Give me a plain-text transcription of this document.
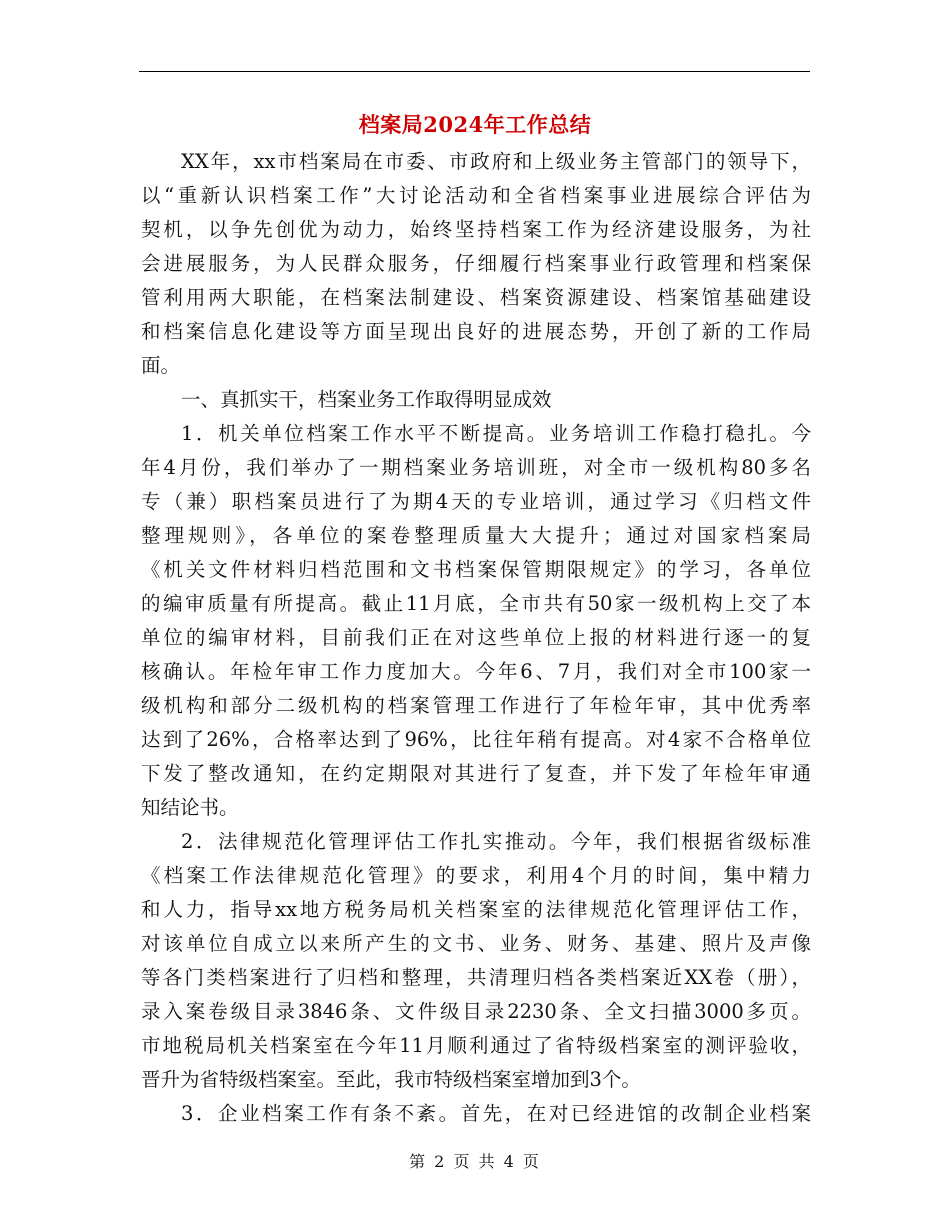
档案局2024年工作总结
XX年，xx市档案局在市委、市政府和上级业务主管部门的领导下，
以“重新认识档案工作”大讨论活动和全省档案事业进展综合评估为
契机，以争先创优为动力，始终坚持档案工作为经济建设服务，为社
会进展服务，为人民群众服务，仔细履行档案事业行政管理和档案保
管利用两大职能，在档案法制建设、档案资源建设、档案馆基础建设
和档案信息化建设等方面呈现出良好的进展态势，开创了新的工作局
面。
一、真抓实干，档案业务工作取得明显成效
1．机关单位档案工作水平不断提高。业务培训工作稳打稳扎。今
年4月份，我们举办了一期档案业务培训班，对全市一级机构80多名
专（兼）职档案员进行了为期4天的专业培训，通过学习《归档文件
整理规则》，各单位的案卷整理质量大大提升；通过对国家档案局
《机关文件材料归档范围和文书档案保管期限规定》的学习，各单位
的编审质量有所提高。截止11月底，全市共有50家一级机构上交了本
单位的编审材料，目前我们正在对这些单位上报的材料进行逐一的复
核确认。年检年审工作力度加大。今年6、7月，我们对全市100家一
级机构和部分二级机构的档案管理工作进行了年检年审，其中优秀率
达到了26%，合格率达到了96%，比往年稍有提高。对4家不合格单位
下发了整改通知，在约定期限对其进行了复查，并下发了年检年审通
知结论书。
2．法律规范化管理评估工作扎实推动。今年，我们根据省级标准
《档案工作法律规范化管理》的要求，利用4个月的时间，集中精力
和人力，指导xx地方税务局机关档案室的法律规范化管理评估工作，
对该单位自成立以来所产生的文书、业务、财务、基建、照片及声像
等各门类档案进行了归档和整理，共清理归档各类档案近XX卷（册），
录入案卷级目录3846条、文件级目录2230条、全文扫描3000多页。
市地税局机关档案室在今年11月顺利通过了省特级档案室的测评验收，
晋升为省特级档案室。至此，我市特级档案室增加到3个。
3．企业档案工作有条不紊。首先，在对已经进馆的改制企业档案
第 2 页 共 4 页
